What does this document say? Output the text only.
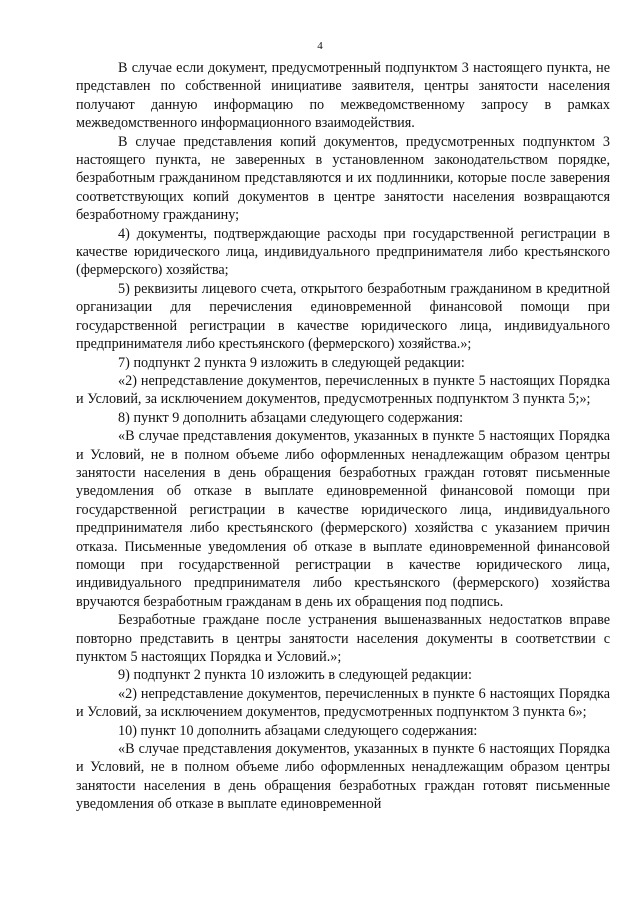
4

В случае если документ, предусмотренный подпунктом 3 настоящего пункта, не представлен по собственной инициативе заявителя, центры занятости населения получают данную информацию по межведомственному запросу в рамках межведомственного информационного взаимодействия.

В случае представления копий документов, предусмотренных подпунктом 3 настоящего пункта, не заверенных в установленном законодательством порядке, безработным гражданином представляются и их подлинники, которые после заверения соответствующих копий документов в центре занятости населения возвращаются безработному гражданину;

4) документы, подтверждающие расходы при государственной регистрации в качестве юридического лица, индивидуального предпринимателя либо крестьянского (фермерского) хозяйства;

5) реквизиты лицевого счета, открытого безработным гражданином в кредитной организации для перечисления единовременной финансовой помощи при государственной регистрации в качестве юридического лица, индивидуального предпринимателя либо крестьянского (фермерского) хозяйства.»;

7) подпункт 2 пункта 9 изложить в следующей редакции:

«2) непредставление документов, перечисленных в пункте 5 настоящих Порядка и Условий, за исключением документов, предусмотренных подпунктом 3 пункта 5;»;

8) пункт 9 дополнить абзацами следующего содержания:

«В случае представления документов, указанных в пункте 5 настоящих Порядка и Условий, не в полном объеме либо оформленных ненадлежащим образом центры занятости населения в день обращения безработных граждан готовят письменные уведомления об отказе в выплате единовременной финансовой помощи при государственной регистрации в качестве юридического лица, индивидуального предпринимателя либо крестьянского (фермерского) хозяйства с указанием причин отказа. Письменные уведомления об отказе в выплате единовременной финансовой помощи при государственной регистрации в качестве юридического лица, индивидуального предпринимателя либо крестьянского (фермерского) хозяйства вручаются безработным гражданам в день их обращения под подпись.

Безработные граждане после устранения вышеназванных недостатков вправе повторно представить в центры занятости населения документы в соответствии с пунктом 5 настоящих Порядка и Условий.»;

9) подпункт 2 пункта 10 изложить в следующей редакции:

«2) непредставление документов, перечисленных в пункте 6 настоящих Порядка и Условий, за исключением документов, предусмотренных подпунктом 3 пункта 6»;

10) пункт 10 дополнить абзацами следующего содержания:

«В случае представления документов, указанных в пункте 6 настоящих Порядка и Условий, не в полном объеме либо оформленных ненадлежащим образом центры занятости населения в день обращения безработных граждан готовят письменные уведомления об отказе в выплате единовременной
